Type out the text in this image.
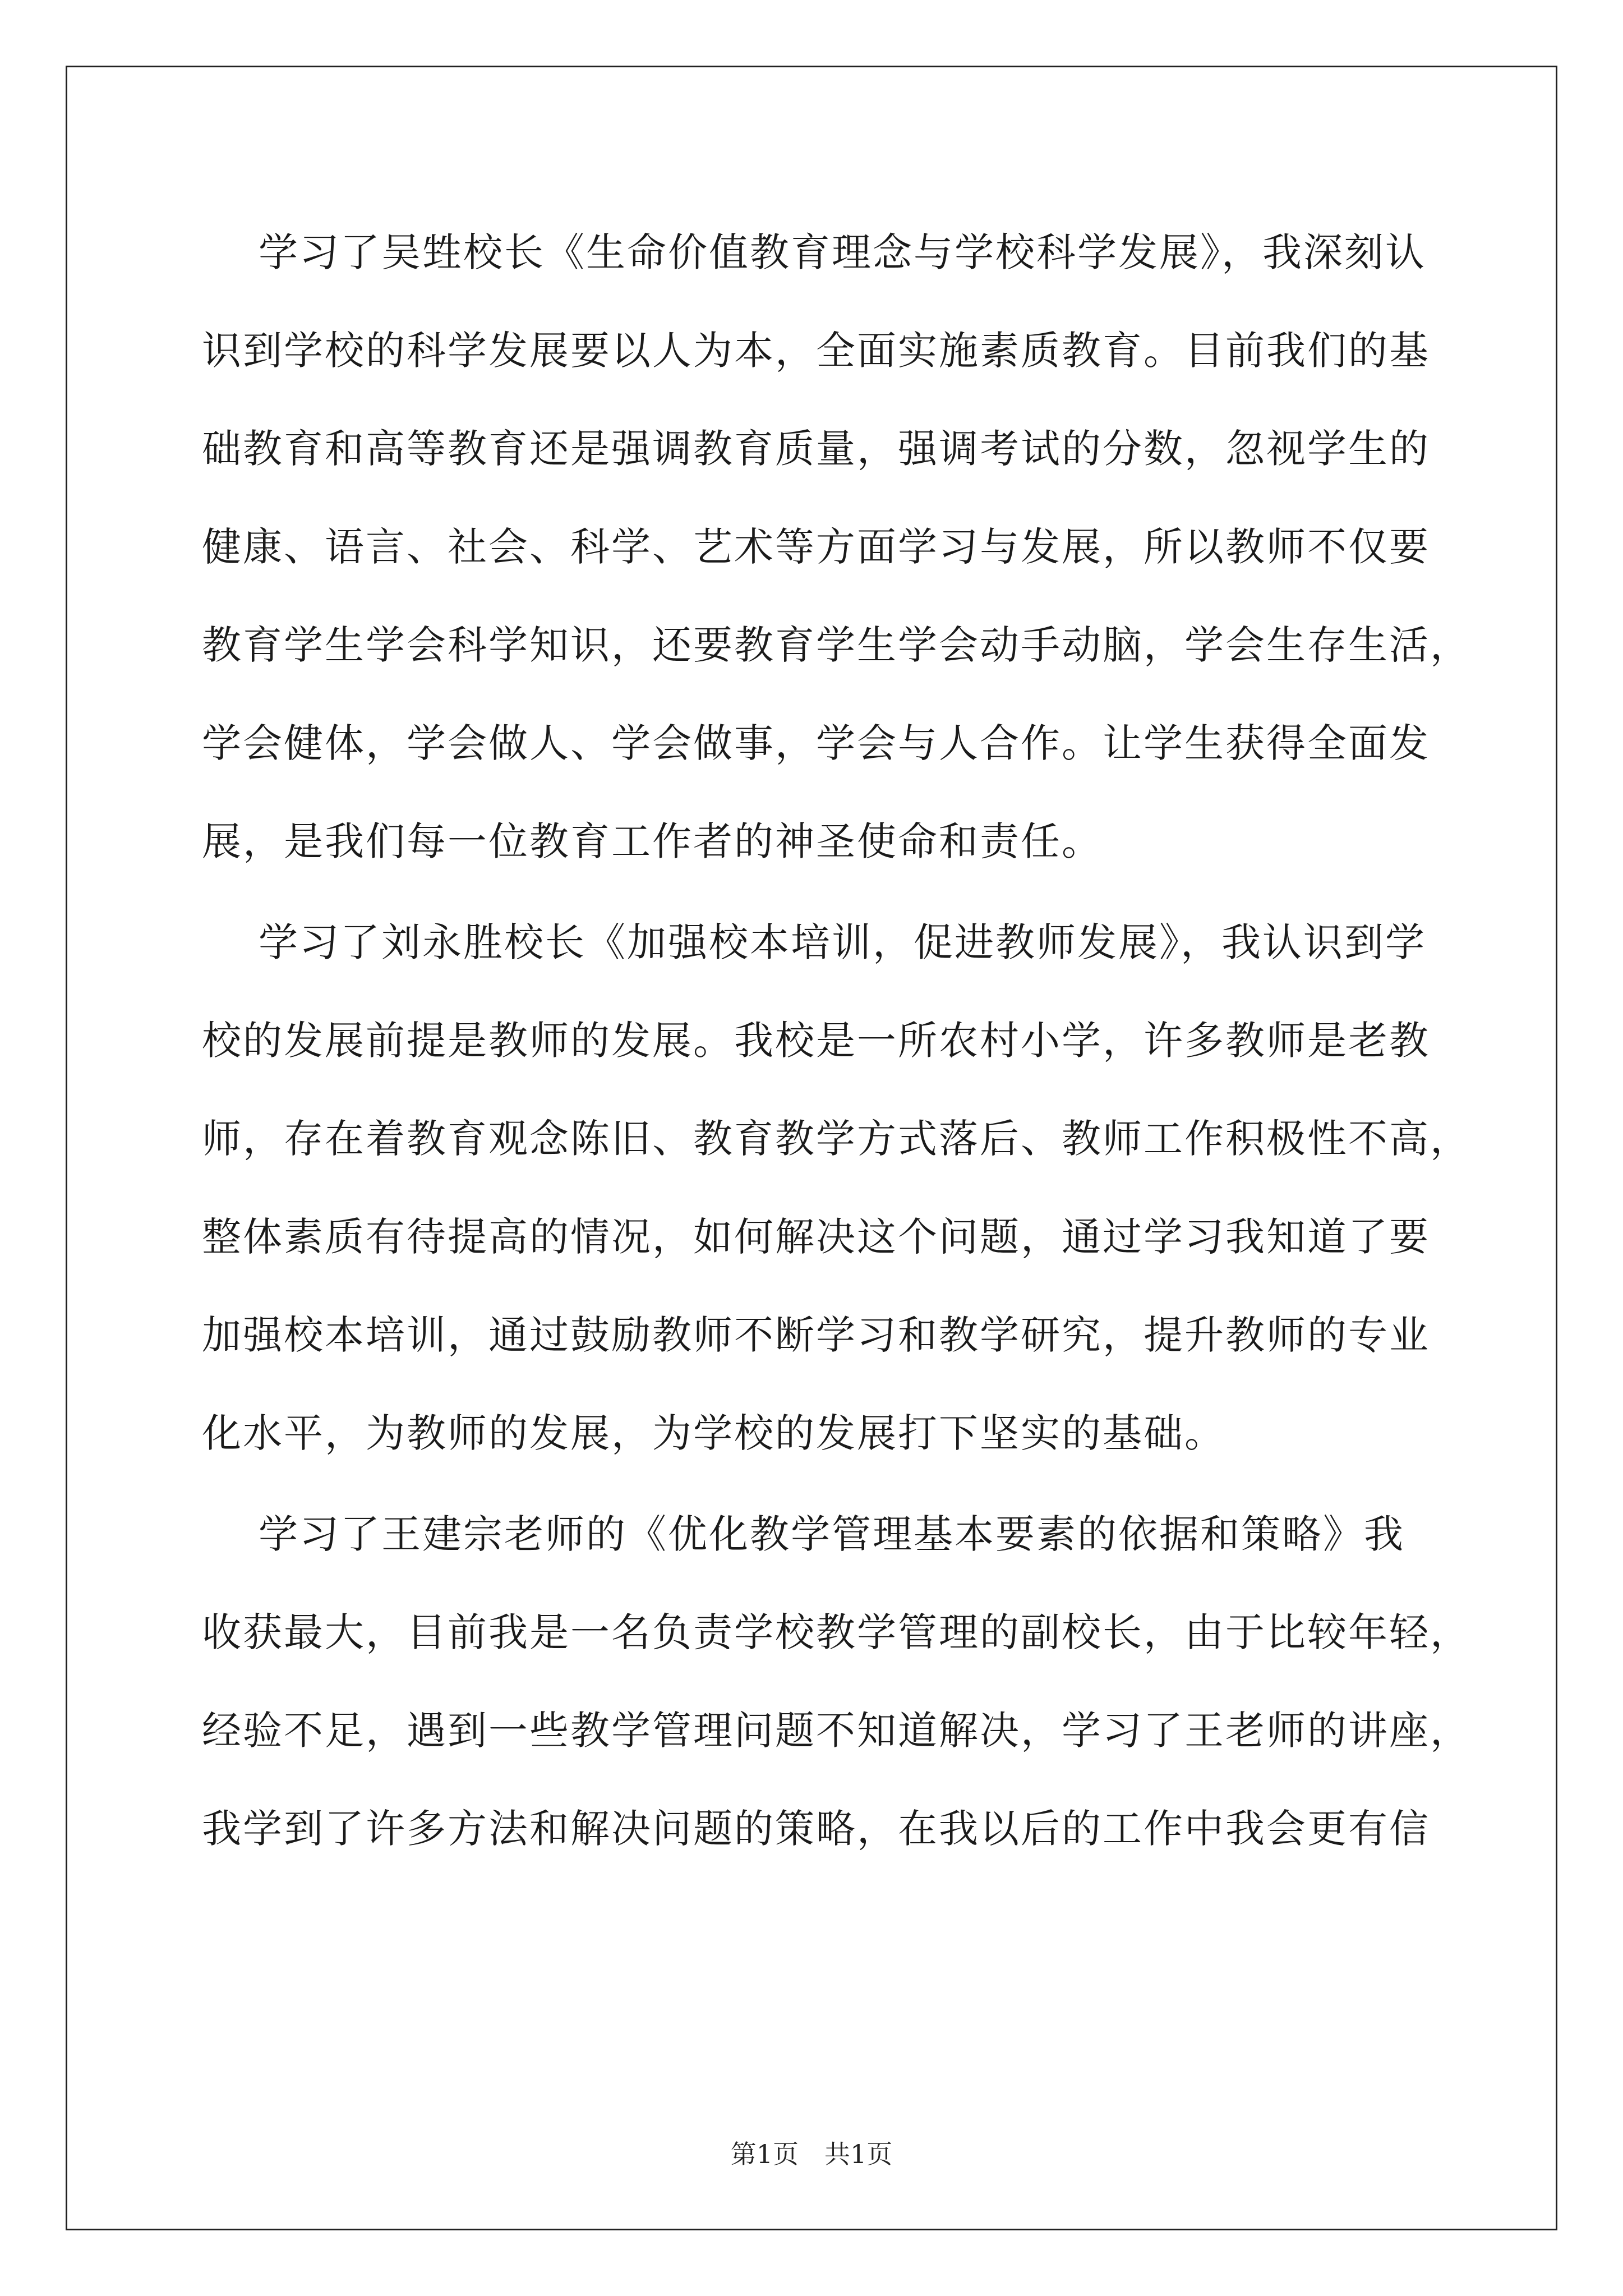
学习了吴甡校长《生命价值教育理念与学校科学发展》，我深刻认
识到学校的科学发展要以人为本，全面实施素质教育。目前我们的基
础教育和高等教育还是强调教育质量，强调考试的分数，忽视学生的
健康、语言、社会、科学、艺术等方面学习与发展，所以教师不仅要
教育学生学会科学知识，还要教育学生学会动手动脑，学会生存生活，
学会健体，学会做人、学会做事，学会与人合作。让学生获得全面发
展，是我们每一位教育工作者的神圣使命和责任。
学习了刘永胜校长《加强校本培训，促进教师发展》，我认识到学
校的发展前提是教师的发展。我校是一所农村小学，许多教师是老教
师，存在着教育观念陈旧、教育教学方式落后、教师工作积极性不高，
整体素质有待提高的情况，如何解决这个问题，通过学习我知道了要
加强校本培训，通过鼓励教师不断学习和教学研究，提升教师的专业
化水平，为教师的发展，为学校的发展打下坚实的基础。
学习了王建宗老师的《优化教学管理基本要素的依据和策略》我
收获最大，目前我是一名负责学校教学管理的副校长，由于比较年轻，
经验不足，遇到一些教学管理问题不知道解决，学习了王老师的讲座，
我学到了许多方法和解决问题的策略，在我以后的工作中我会更有信
第1页　共1页
